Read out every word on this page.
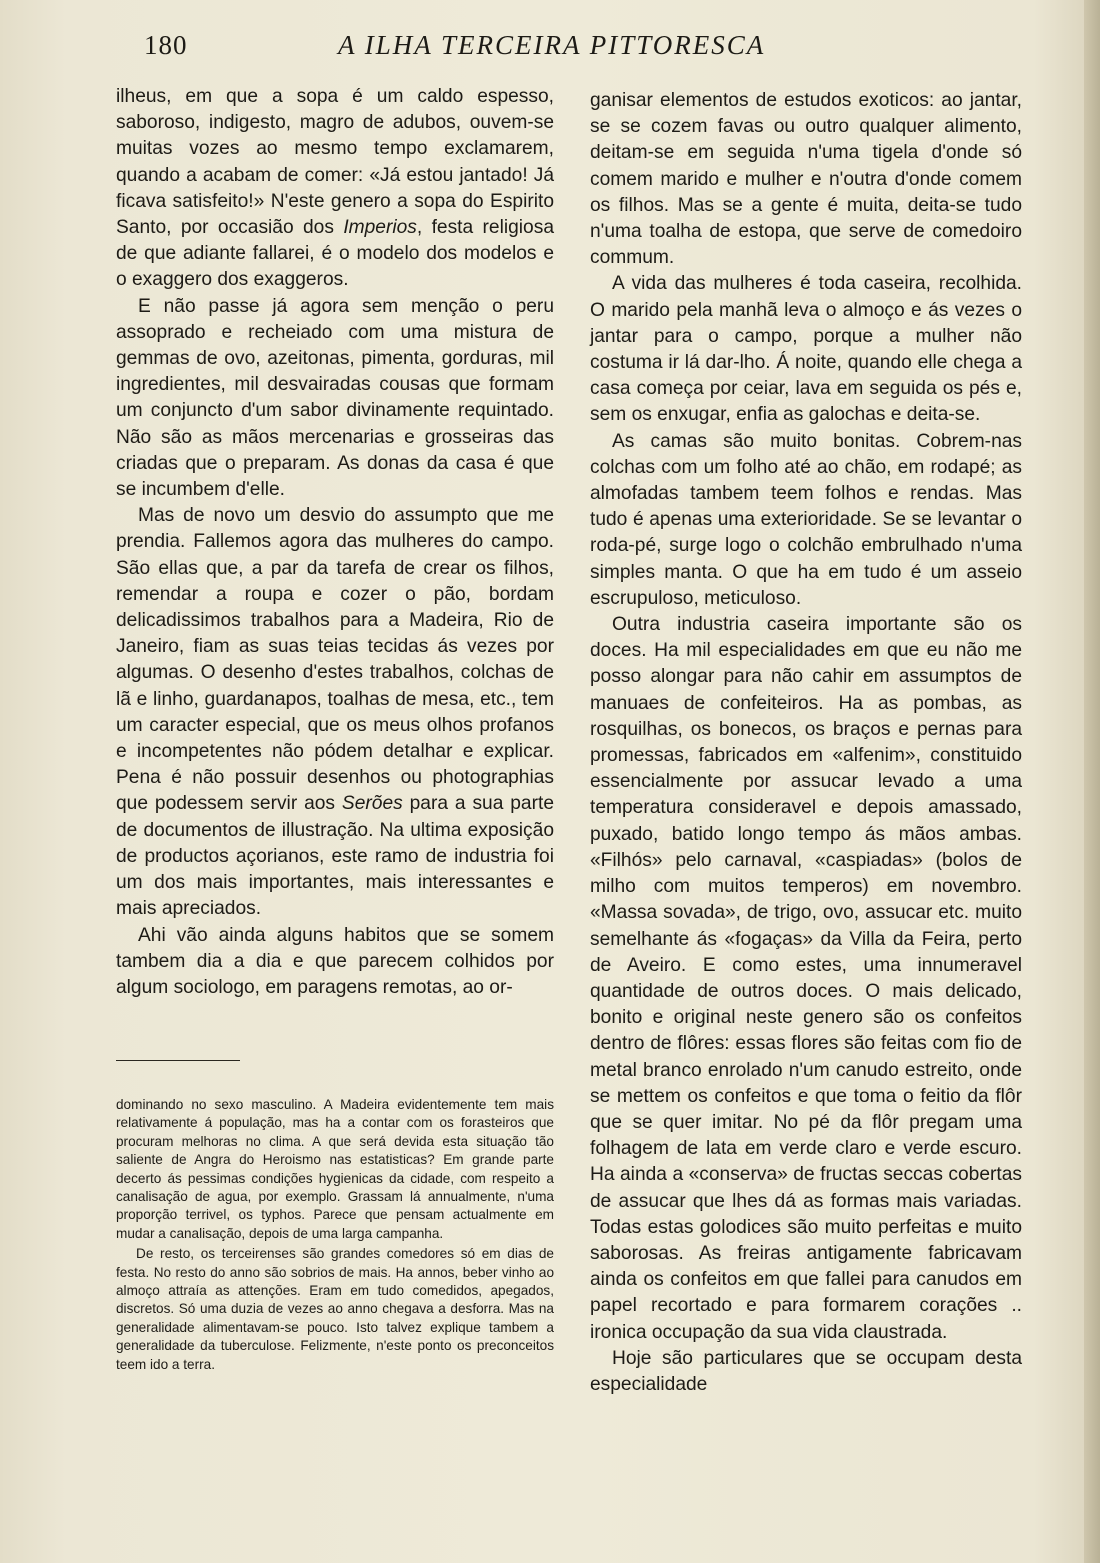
180	A ILHA TERCEIRA PITTORESCA

ilheus, em que a sopa é um caldo espesso, saboroso, indigesto, magro de adubos, ouvem-se muitas vozes ao mesmo tempo exclamarem, quando a acabam de comer: «Já estou jantado! Já ficava satisfeito!» N'este genero a sopa do Espirito Santo, por occasião dos Imperios, festa religiosa de que adiante fallarei, é o modelo dos modelos e o exaggero dos exaggeros.

E não passe já agora sem menção o peru assoprado e recheiado com uma mistura de gemmas de ovo, azeitonas, pimenta, gorduras, mil ingredientes, mil desvairadas cousas que formam um conjuncto d'um sabor divinamente requintado. Não são as mãos mercenarias e grosseiras das criadas que o preparam. As donas da casa é que se incumbem d'elle.

Mas de novo um desvio do assumpto que me prendia. Fallemos agora das mulheres do campo. São ellas que, a par da tarefa de crear os filhos, remendar a roupa e cozer o pão, bordam delicadissimos trabalhos para a Madeira, Rio de Janeiro, fiam as suas teias tecidas ás vezes por algumas. O desenho d'estes trabalhos, colchas de lã e linho, guardanapos, toalhas de mesa, etc., tem um caracter especial, que os meus olhos profanos e incompetentes não pódem detalhar e explicar. Pena é não possuir desenhos ou photographias que podessem servir aos Serões para a sua parte de documentos de illustração. Na ultima exposição de productos açorianos, este ramo de industria foi um dos mais importantes, mais interessantes e mais apreciados.

Ahi vão ainda alguns habitos que se somem tambem dia a dia e que parecem colhidos por algum sociologo, em paragens remotas, ao or-

dominando no sexo masculino. A Madeira evidentemente tem mais relativamente á população, mas ha a contar com os forasteiros que procuram melhoras no clima. A que será devida esta situação tão saliente de Angra do Heroismo nas estatisticas? Em grande parte decerto ás pessimas condições hygienicas da cidade, com respeito a canalisação de agua, por exemplo. Grassam lá annualmente, n'uma proporção terrivel, os typhos. Parece que pensam actualmente em mudar a canalisação, depois de uma larga campanha.

De resto, os terceirenses são grandes comedores só em dias de festa. No resto do anno são sobrios de mais. Ha annos, beber vinho ao almoço attraía as attenções. Eram em tudo comedidos, apegados, discretos. Só uma duzia de vezes ao anno chegava a desforra. Mas na generalidade alimentavam-se pouco. Isto talvez explique tambem a generalidade da tuberculose. Felizmente, n'este ponto os preconceitos teem ido a terra.

ganisar elementos de estudos exoticos: ao jantar, se se cozem favas ou outro qualquer alimento, deitam-se em seguida n'uma tigela d'onde só comem marido e mulher e n'outra d'onde comem os filhos. Mas se a gente é muita, deita-se tudo n'uma toalha de estopa, que serve de comedoiro commum.

A vida das mulheres é toda caseira, recolhida. O marido pela manhã leva o almoço e ás vezes o jantar para o campo, porque a mulher não costuma ir lá dar-lho. Á noite, quando elle chega a casa começa por ceiar, lava em seguida os pés e, sem os enxugar, enfia as galochas e deita-se.

As camas são muito bonitas. Cobrem-nas colchas com um folho até ao chão, em rodapé; as almofadas tambem teem folhos e rendas. Mas tudo é apenas uma exterioridade. Se se levantar o roda-pé, surge logo o colchão embrulhado n'uma simples manta. O que ha em tudo é um asseio escrupuloso, meticuloso.

Outra industria caseira importante são os doces. Ha mil especialidades em que eu não me posso alongar para não cahir em assumptos de manuaes de confeiteiros. Ha as pombas, as rosquilhas, os bonecos, os braços e pernas para promessas, fabricados em «alfenim», constituido essencialmente por assucar levado a uma temperatura consideravel e depois amassado, puxado, batido longo tempo ás mãos ambas. «Filhós» pelo carnaval, «caspiadas» (bolos de milho com muitos temperos) em novembro. «Massa sovada», de trigo, ovo, assucar etc. muito semelhante ás «fogaças» da Villa da Feira, perto de Aveiro. E como estes, uma innumeravel quantidade de outros doces. O mais delicado, bonito e original neste genero são os confeitos dentro de flôres: essas flores são feitas com fio de metal branco enrolado n'um canudo estreito, onde se mettem os confeitos e que toma o feitio da flôr que se quer imitar. No pé da flôr pregam uma folhagem de lata em verde claro e verde escuro. Ha ainda a «conserva» de fructas seccas cobertas de assucar que lhes dá as formas mais variadas. Todas estas golodices são muito perfeitas e muito saborosas. As freiras antigamente fabricavam ainda os confeitos em que fallei para canudos em papel recortado e para formarem corações .. ironica occupação da sua vida claustrada.

Hoje são particulares que se occupam desta especialidade
